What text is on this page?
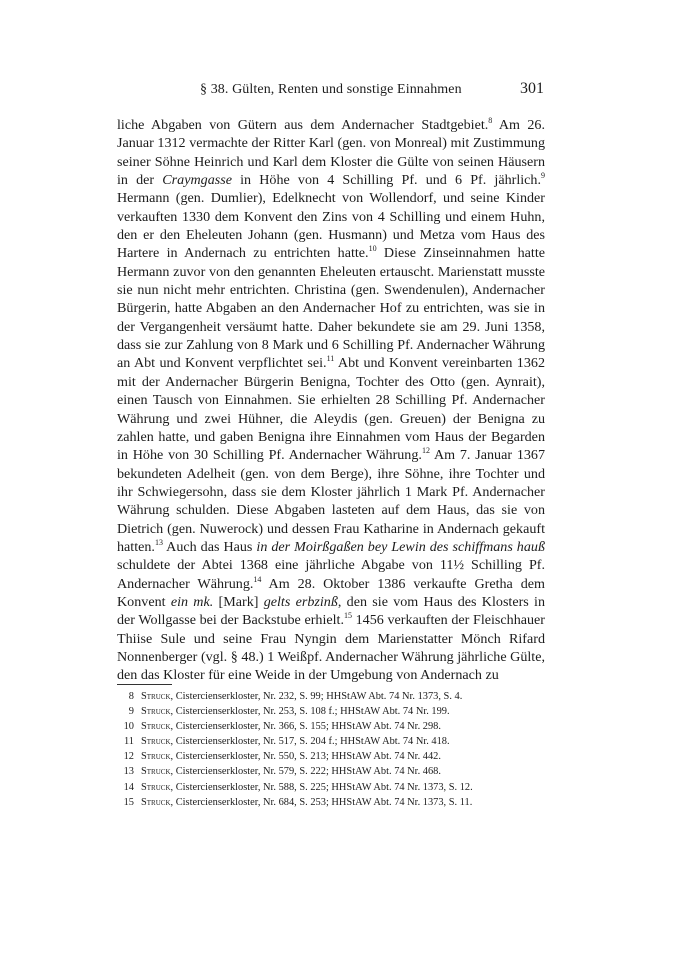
§ 38. Gülten, Renten und sonstige Einnahmen	301

liche Abgaben von Gütern aus dem Andernacher Stadtgebiet.$^8$ Am 26. Januar 1312 vermachte der Ritter Karl (gen. von Monreal) mit Zustimmung seiner Söhne Heinrich und Karl dem Kloster die Gülte von seinen Häusern in der Craymgasse in Höhe von 4 Schilling Pf. und 6 Pf. jährlich.$^9$ Hermann (gen. Dumlier), Edelknecht von Wollendorf, und seine Kinder verkauften 1330 dem Konvent den Zins von 4 Schilling und einem Huhn, den er den Eheleuten Johann (gen. Husmann) und Metza vom Haus des Hartere in Andernach zu entrichten hatte.$^{10}$ Diese Zinseinnahmen hatte Hermann zuvor von den genannten Eheleuten ertauscht. Marienstatt musste sie nun nicht mehr entrichten. Christina (gen. Swendenulen), Andernacher Bürgerin, hatte Abgaben an den Andernacher Hof zu entrichten, was sie in der Vergangenheit versäumt hatte. Daher bekundete sie am 29. Juni 1358, dass sie zur Zahlung von 8 Mark und 6 Schilling Pf. Andernacher Währung an Abt und Konvent verpflichtet sei.$^{11}$ Abt und Konvent vereinbarten 1362 mit der Andernacher Bürgerin Benigna, Tochter des Otto (gen. Aynrait), einen Tausch von Einnahmen. Sie erhielten 28 Schilling Pf. Andernacher Währung und zwei Hühner, die Aleydis (gen. Greuen) der Benigna zu zahlen hatte, und gaben Benigna ihre Einnahmen vom Haus der Begarden in Höhe von 30 Schilling Pf. Andernacher Währung.$^{12}$ Am 7. Januar 1367 bekundeten Adelheit (gen. von dem Berge), ihre Söhne, ihre Tochter und ihr Schwiegersohn, dass sie dem Kloster jährlich 1 Mark Pf. Andernacher Währung schulden. Diese Abgaben lasteten auf dem Haus, das sie von Dietrich (gen. Nuwerock) und dessen Frau Katharine in Andernach gekauft hatten.$^{13}$ Auch das Haus in der Moirßgaßen bey Lewin des schiffmans hauß schuldete der Abtei 1368 eine jährliche Abgabe von 11½ Schilling Pf. Andernacher Währung.$^{14}$ Am 28. Oktober 1386 verkaufte Gretha dem Konvent ein mk. [Mark] gelts erbzinß, den sie vom Haus des Klosters in der Wollgasse bei der Backstube erhielt.$^{15}$ 1456 verkauften der Fleischhauer Thiise Sule und seine Frau Nyngin dem Marienstatter Mönch Rifard Nonnenberger (vgl. § 48.) 1 Weißpf. Andernacher Währung jährliche Gülte, den das Kloster für eine Weide in der Umgebung von Andernach zu

8 Struck , Cistercienserkloster, Nr. 232, S. 99; HHStAW Abt. 74 Nr. 1373, S. 4.
9 Struck , Cistercienserkloster, Nr. 253, S. 108 f.; HHStAW Abt. 74 Nr. 199.
10 Struck , Cistercienserkloster, Nr. 366, S. 155; HHStAW Abt. 74 Nr. 298.
11 Struck , Cistercienserkloster, Nr. 517, S. 204 f.; HHStAW Abt. 74 Nr. 418.
12 Struck , Cistercienserkloster, Nr. 550, S. 213; HHStAW Abt. 74 Nr. 442.
13 Struck , Cistercienserkloster, Nr. 579, S. 222; HHStAW Abt. 74 Nr. 468.
14 Struck , Cistercienserkloster, Nr. 588, S. 225; HHStAW Abt. 74 Nr. 1373, S. 12.
15 Struck , Cistercienserkloster, Nr. 684, S. 253; HHStAW Abt. 74 Nr. 1373, S. 11.
